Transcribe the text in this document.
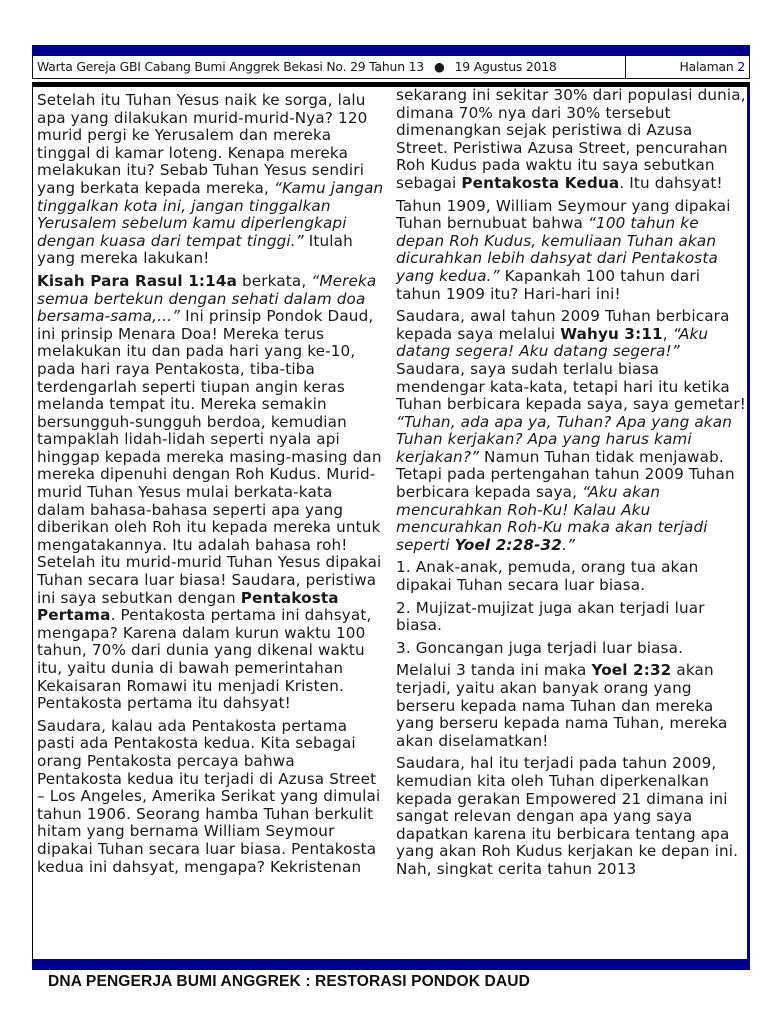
Warta Gereja GBI Cabang Bumi Anggrek Bekasi No. 29 Tahun 13 ● 19 Agustus 2018	Halaman 2

Setelah itu Tuhan Yesus naik ke sorga, lalu apa yang dilakukan murid-murid-Nya? 120 murid pergi ke Yerusalem dan mereka tinggal di kamar loteng. Kenapa mereka melakukan itu? Sebab Tuhan Yesus sendiri yang berkata kepada mereka, “Kamu jangan tinggalkan kota ini, jangan tinggalkan Yerusalem sebelum kamu diperlengkapi dengan kuasa dari tempat tinggi.” Itulah yang mereka lakukan!

Kisah Para Rasul 1:14a berkata, “Mereka semua bertekun dengan sehati dalam doa bersama-sama,...” Ini prinsip Pondok Daud, ini prinsip Menara Doa! Mereka terus melakukan itu dan pada hari yang ke-10, pada hari raya Pentakosta, tiba-tiba terdengarlah seperti tiupan angin keras melanda tempat itu. Mereka semakin bersungguh-sungguh berdoa, kemudian tampaklah lidah-lidah seperti nyala api hinggap kepada mereka masing-masing dan mereka dipenuhi dengan Roh Kudus. Murid-murid Tuhan Yesus mulai berkata-kata dalam bahasa-bahasa seperti apa yang diberikan oleh Roh itu kepada mereka untuk mengatakannya. Itu adalah bahasa roh! Setelah itu murid-murid Tuhan Yesus dipakai Tuhan secara luar biasa! Saudara, peristiwa ini saya sebutkan dengan Pentakosta Pertama. Pentakosta pertama ini dahsyat, mengapa? Karena dalam kurun waktu 100 tahun, 70% dari dunia yang dikenal waktu itu, yaitu dunia di bawah pemerintahan Kekaisaran Romawi itu menjadi Kristen. Pentakosta pertama itu dahsyat!

Saudara, kalau ada Pentakosta pertama pasti ada Pentakosta kedua. Kita sebagai orang Pentakosta percaya bahwa Pentakosta kedua itu terjadi di Azusa Street – Los Angeles, Amerika Serikat yang dimulai tahun 1906. Seorang hamba Tuhan berkulit hitam yang bernama William Seymour dipakai Tuhan secara luar biasa. Pentakosta kedua ini dahsyat, mengapa? Kekristenan

sekarang ini sekitar 30% dari populasi dunia, dimana 70% nya dari 30% tersebut dimenangkan sejak peristiwa di Azusa Street. Peristiwa Azusa Street, pencurahan Roh Kudus pada waktu itu saya sebutkan sebagai Pentakosta Kedua. Itu dahsyat!

Tahun 1909, William Seymour yang dipakai Tuhan bernubuat bahwa “100 tahun ke depan Roh Kudus, kemuliaan Tuhan akan dicurahkan lebih dahsyat dari Pentakosta yang kedua.” Kapankah 100 tahun dari tahun 1909 itu? Hari-hari ini!

Saudara, awal tahun 2009 Tuhan berbicara kepada saya melalui Wahyu 3:11, “Aku datang segera! Aku datang segera!” Saudara, saya sudah terlalu biasa mendengar kata-kata, tetapi hari itu ketika Tuhan berbicara kepada saya, saya gemetar! “Tuhan, ada apa ya, Tuhan? Apa yang akan Tuhan kerjakan? Apa yang harus kami kerjakan?” Namun Tuhan tidak menjawab. Tetapi pada pertengahan tahun 2009 Tuhan berbicara kepada saya, “Aku akan mencurahkan Roh-Ku! Kalau Aku mencurahkan Roh-Ku maka akan terjadi seperti Yoel 2:28-32.”

1. Anak-anak, pemuda, orang tua akan dipakai Tuhan secara luar biasa.

2. Mujizat-mujizat juga akan terjadi luar biasa.

3. Goncangan juga terjadi luar biasa.

Melalui 3 tanda ini maka Yoel 2:32 akan terjadi, yaitu akan banyak orang yang berseru kepada nama Tuhan dan mereka yang berseru kepada nama Tuhan, mereka akan diselamatkan!

Saudara, hal itu terjadi pada tahun 2009, kemudian kita oleh Tuhan diperkenalkan kepada gerakan Empowered 21 dimana ini sangat relevan dengan apa yang saya dapatkan karena itu berbicara tentang apa yang akan Roh Kudus kerjakan ke depan ini. Nah, singkat cerita tahun 2013

DNA PENGERJA BUMI ANGGREK : RESTORASI PONDOK DAUD
